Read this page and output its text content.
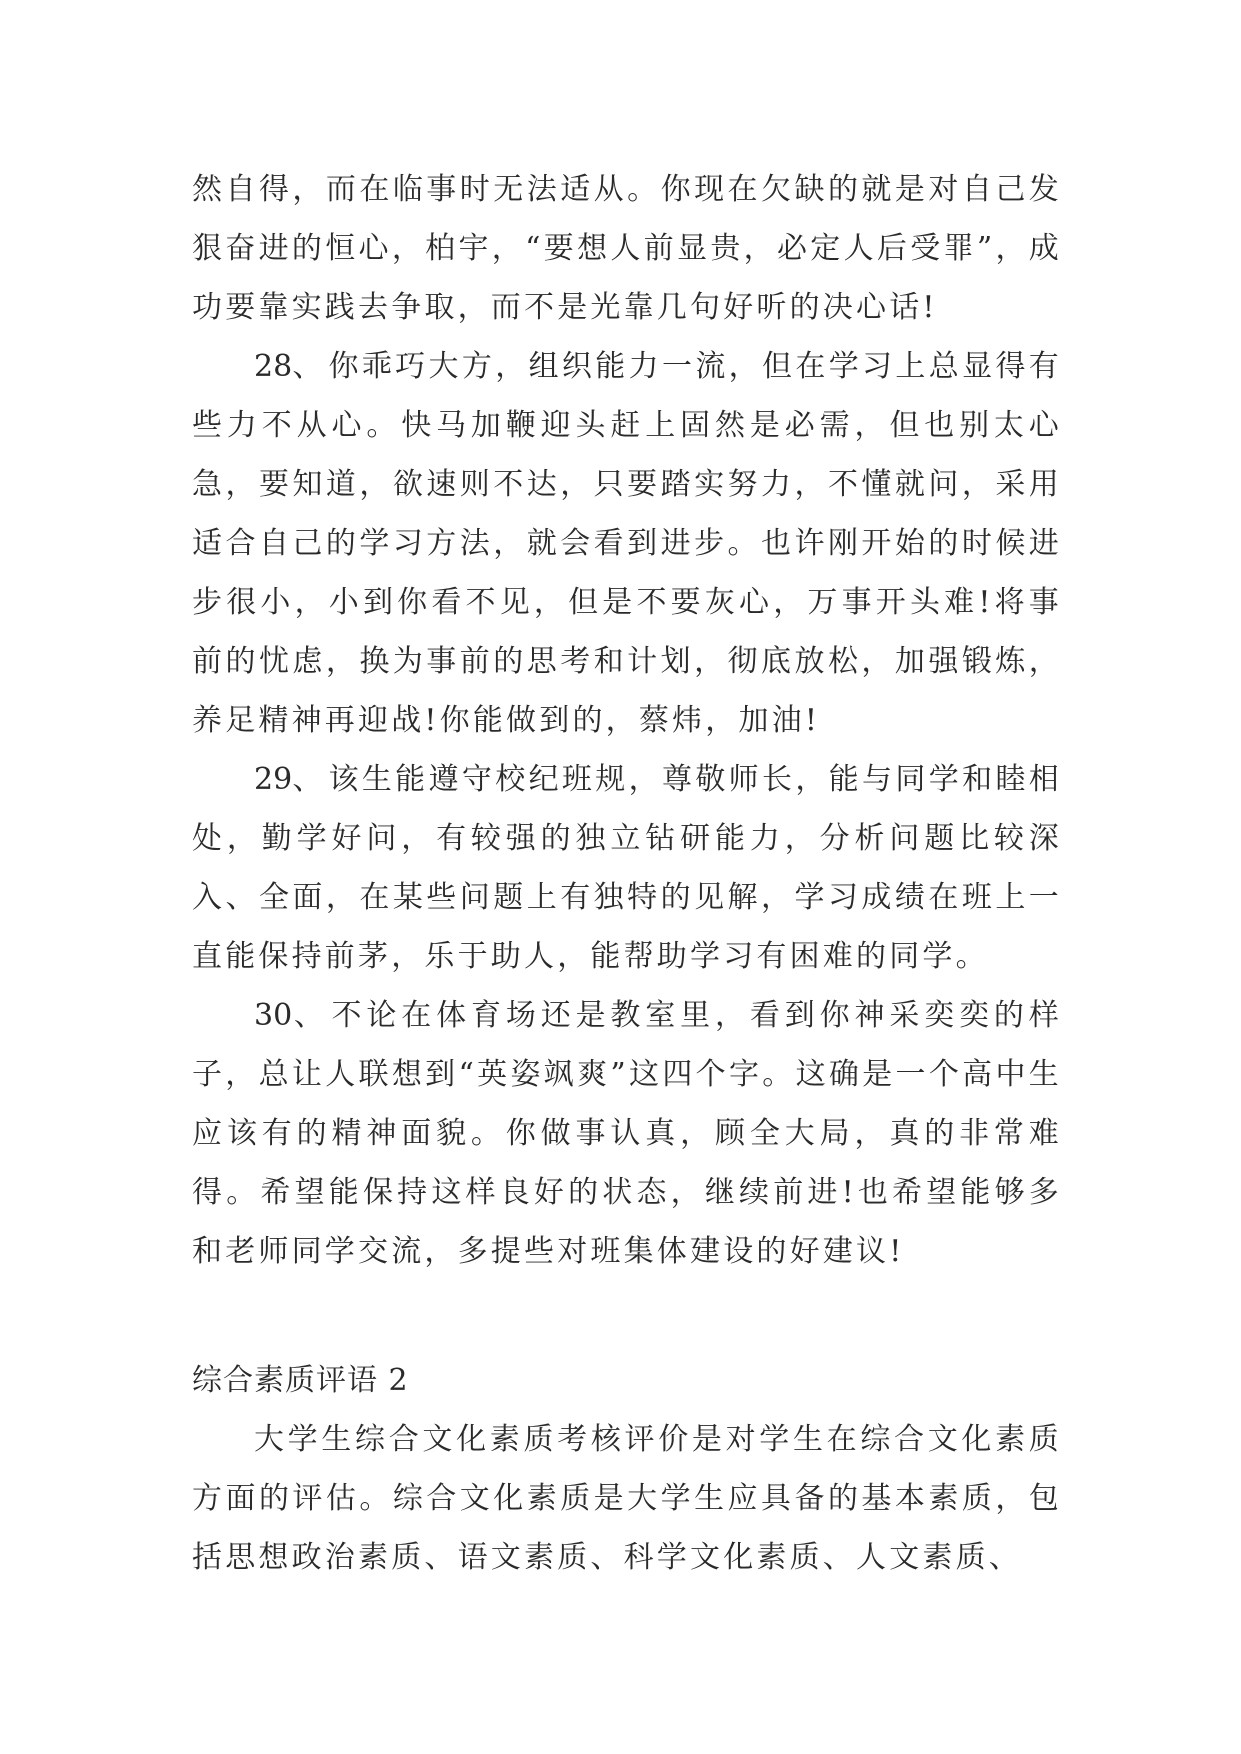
然自得，而在临事时无法适从。你现在欠缺的就是对自己发狠奋进的恒心，柏宇，“要想人前显贵，必定人后受罪”，成功要靠实践去争取，而不是光靠几句好听的决心话!

28、 你乖巧大方，组织能力一流，但在学习上总显得有些力不从心。快马加鞭迎头赶上固然是必需，但也别太心急，要知道，欲速则不达，只要踏实努力，不懂就问，采用适合自己的学习方法，就会看到进步。也许刚开始的时候进步很小，小到你看不见，但是不要灰心，万事开头难!将事前的忧虑，换为事前的思考和计划，彻底放松，加强锻炼，养足精神再迎战!你能做到的，蔡炜，加油!

29、 该生能遵守校纪班规，尊敬师长，能与同学和睦相处，勤学好问，有较强的独立钻研能力，分析问题比较深入、全面，在某些问题上有独特的见解，学习成绩在班上一直能保持前茅，乐于助人，能帮助学习有困难的同学。

30、 不论在体育场还是教室里，看到你神采奕奕的样子，总让人联想到“英姿飒爽”这四个字。这确是一个高中生应该有的精神面貌。你做事认真，顾全大局，真的非常难得。希望能保持这样良好的状态，继续前进!也希望能够多和老师同学交流，多提些对班集体建设的好建议!

综合素质评语 2

大学生综合文化素质考核评价是对学生在综合文化素质方面的评估。综合文化素质是大学生应具备的基本素质，包括思想政治素质、语文素质、科学文化素质、人文素质、
